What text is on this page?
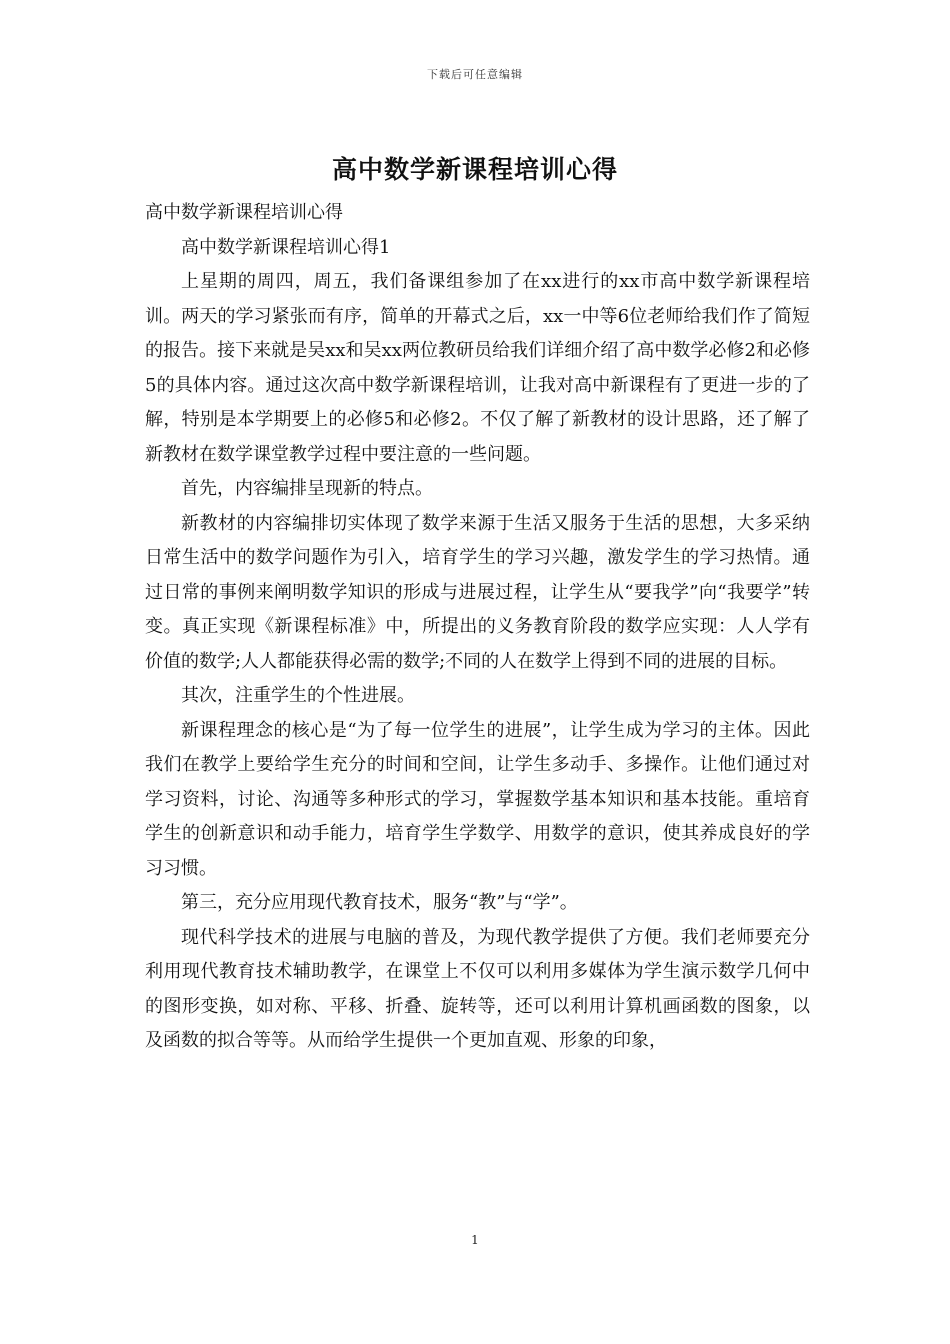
下载后可任意编辑
高中数学新课程培训心得

高中数学新课程培训心得

高中数学新课程培训心得1

上星期的周四，周五，我们备课组参加了在xx进行的xx市高中数学新课程培训。两天的学习紧张而有序，简单的开幕式之后，xx一中等6位老师给我们作了简短的报告。接下来就是吴xx和吴xx两位教研员给我们详细介绍了高中数学必修2和必修5的具体内容。通过这次高中数学新课程培训，让我对高中新课程有了更进一步的了解，特别是本学期要上的必修5和必修2。不仅了解了新教材的设计思路，还了解了新教材在数学课堂教学过程中要注意的一些问题。

首先，内容编排呈现新的特点。

新教材的内容编排切实体现了数学来源于生活又服务于生活的思想，大多采纳日常生活中的数学问题作为引入，培育学生的学习兴趣，激发学生的学习热情。通过日常的事例来阐明数学知识的形成与进展过程，让学生从“要我学”向“我要学”转变。真正实现《新课程标准》中，所提出的义务教育阶段的数学应实现：人人学有价值的数学;人人都能获得必需的数学;不同的人在数学上得到不同的进展的目标。

其次，注重学生的个性进展。

新课程理念的核心是“为了每一位学生的进展”，让学生成为学习的主体。因此我们在教学上要给学生充分的时间和空间，让学生多动手、多操作。让他们通过对学习资料，讨论、沟通等多种形式的学习，掌握数学基本知识和基本技能。重培育学生的创新意识和动手能力，培育学生学数学、用数学的意识，使其养成良好的学习习惯。

第三，充分应用现代教育技术，服务“教”与“学”。

现代科学技术的进展与电脑的普及，为现代教学提供了方便。我们老师要充分利用现代教育技术辅助教学，在课堂上不仅可以利用多媒体为学生演示数学几何中的图形变换，如对称、平移、折叠、旋转等，还可以利用计算机画函数的图象，以及函数的拟合等等。从而给学生提供一个更加直观、形象的印象，

1
